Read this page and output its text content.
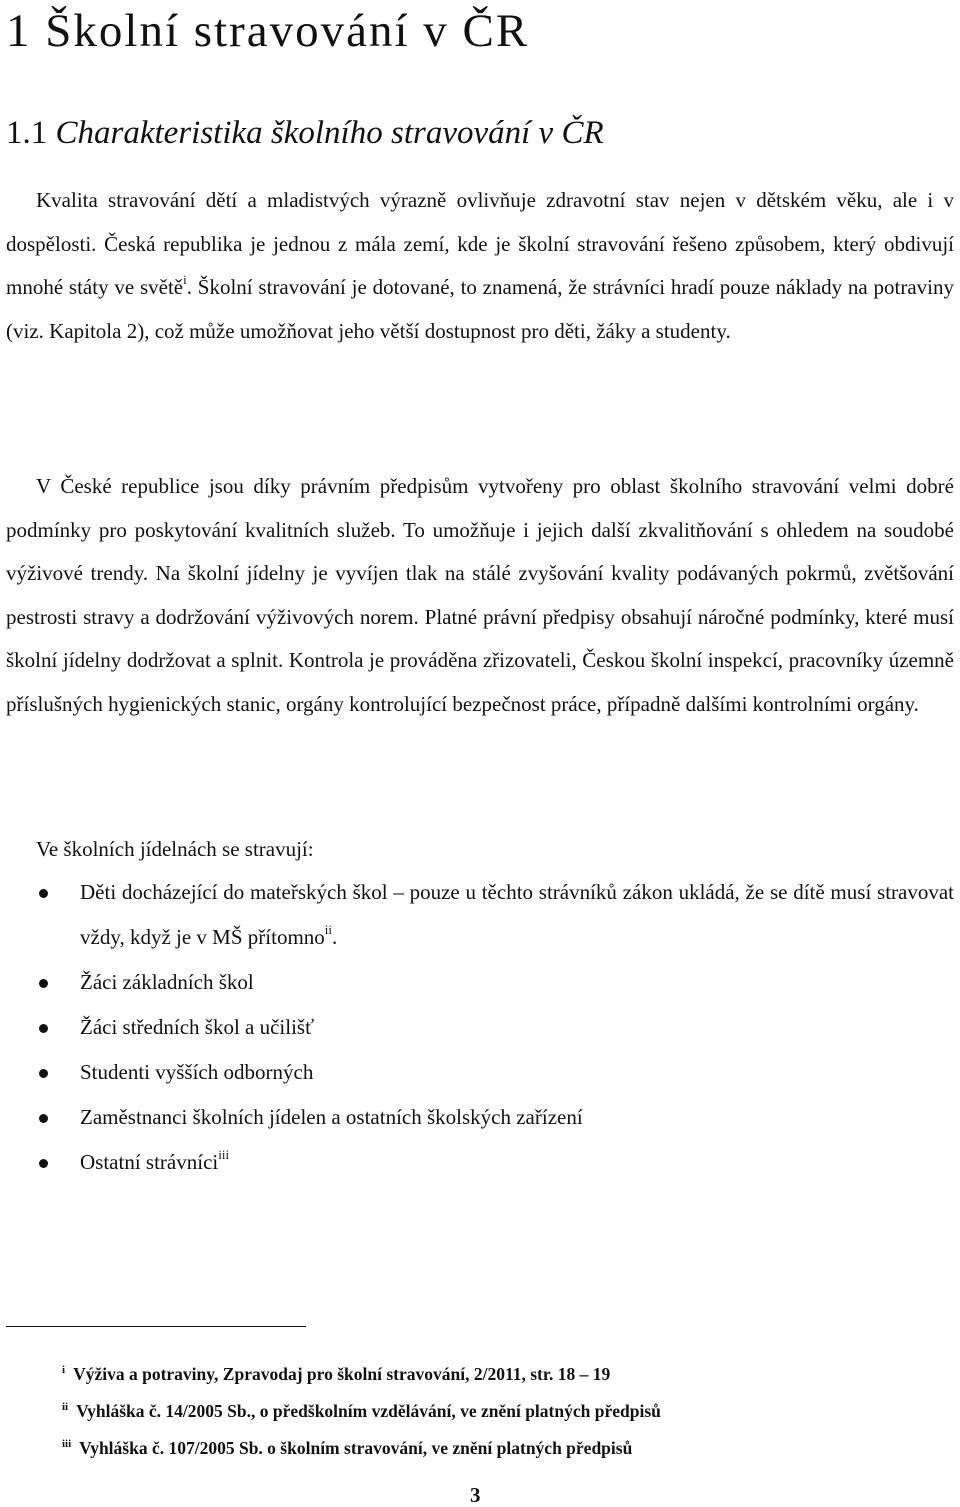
1 Školní stravování v ČR
1.1 Charakteristika školního stravování v ČR

Kvalita stravování dětí a mladistvých výrazně ovlivňuje zdravotní stav nejen v dětském věku, ale i v dospělosti. Česká republika je jednou z mála zemí, kde je školní stravování řešeno způsobem, který obdivují mnohé státy ve světě$^i$. Školní stravování je dotované, to znamená, že strávníci hradí pouze náklady na potraviny (viz. Kapitola 2), což může umožňovat jeho větší dostupnost pro děti, žáky a studenty.

V České republice jsou díky právním předpisům vytvořeny pro oblast školního stravování velmi dobré podmínky pro poskytování kvalitních služeb. To umožňuje i jejich další zkvalitňování s ohledem na soudobé výživové trendy. Na školní jídelny je vyvíjen tlak na stálé zvyšování kvality podávaných pokrmů, zvětšování pestrosti stravy a dodržování výživových norem. Platné právní předpisy obsahují náročné podmínky, které musí školní jídelny dodržovat a splnit. Kontrola je prováděna zřizovateli, Českou školní inspekcí, pracovníky územně příslušných hygienických stanic, orgány kontrolující bezpečnost práce, případně dalšími kontrolními orgány.

Ve školních jídelnách se stravují:

Děti docházející do mateřských škol – pouze u těchto strávníků zákon ukládá, že se dítě musí stravovat vždy, když je v MŠ přítomno$^{ii}$.
Žáci základních škol
Žáci středních škol a učilišť
Studenti vyšších odborných
Zaměstnanci školních jídelen a ostatních školských zařízení
Ostatní strávníci$^{iii}$

$^i$ Výživa a potraviny, Zpravodaj pro školní stravování, 2/2011, str. 18 – 19

$^{ii}$ Vyhláška č. 14/2005 Sb., o předškolním vzdělávání, ve znění platných předpisů

$^{iii}$ Vyhláška č. 107/2005 Sb. o školním stravování, ve znění platných předpisů

3
